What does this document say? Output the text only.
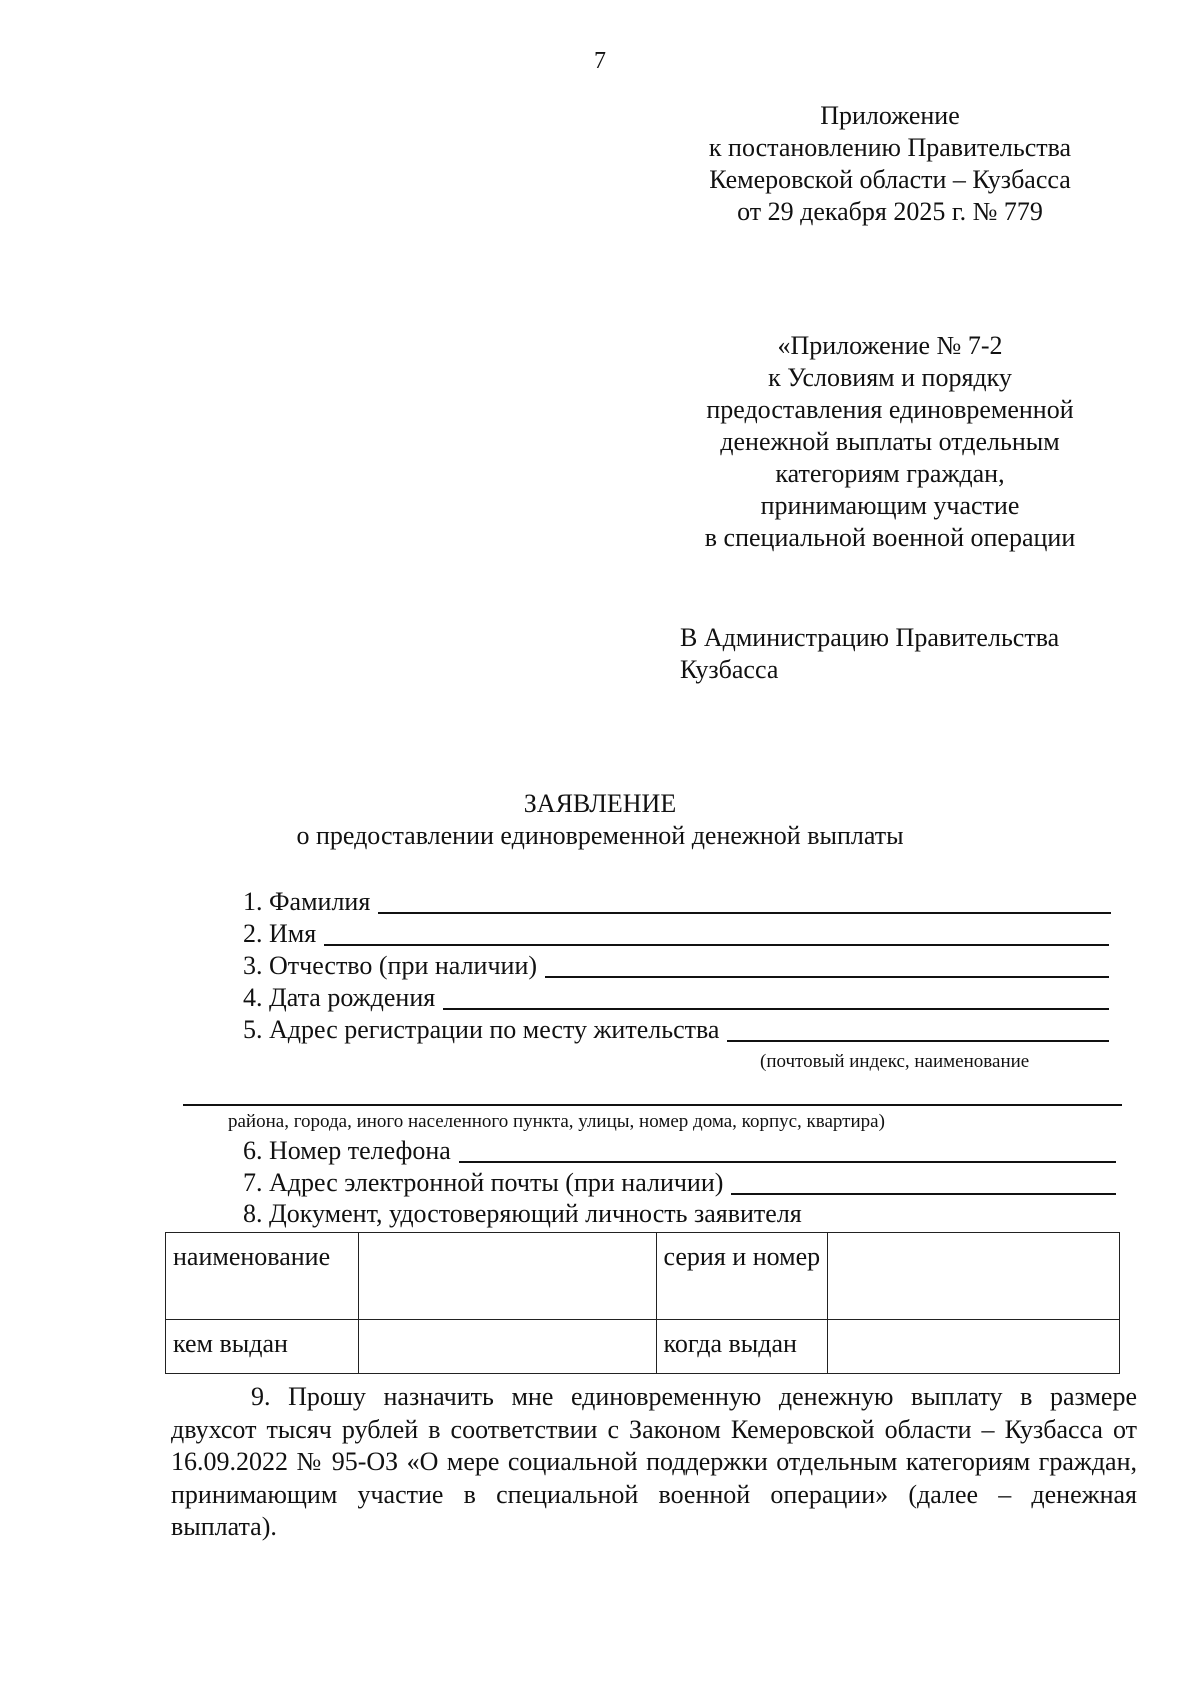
7
Приложение
к постановлению Правительства
Кемеровской области – Кузбасса
от 29 декабря 2025 г. № 779
«Приложение № 7-2
к Условиям и порядку
предоставления единовременной
денежной выплаты отдельным
категориям граждан,
принимающим участие
в специальной военной операции
В Администрацию Правительства
Кузбасса
ЗАЯВЛЕНИЕ
о предоставлении единовременной денежной выплаты
1. Фамилия
2. Имя
3. Отчество (при наличии)
4. Дата рождения
5. Адрес регистрации по месту жительства
(почтовый индекс, наименование
района, города, иного населенного пункта, улицы, номер дома, корпус, квартира)
6. Номер телефона
7. Адрес электронной почты (при наличии)
8. Документ, удостоверяющий личность заявителя
наименование		серия и номер	
кем выдан		когда выдан	
9. Прошу назначить мне единовременную денежную выплату в размере двухсот тысяч рублей в соответствии с Законом Кемеровской области – Кузбасса от 16.09.2022 № 95-ОЗ «О мере социальной поддержки отдельным категориям граждан, принимающим участие в специальной военной операции» (далее – денежная выплата).
